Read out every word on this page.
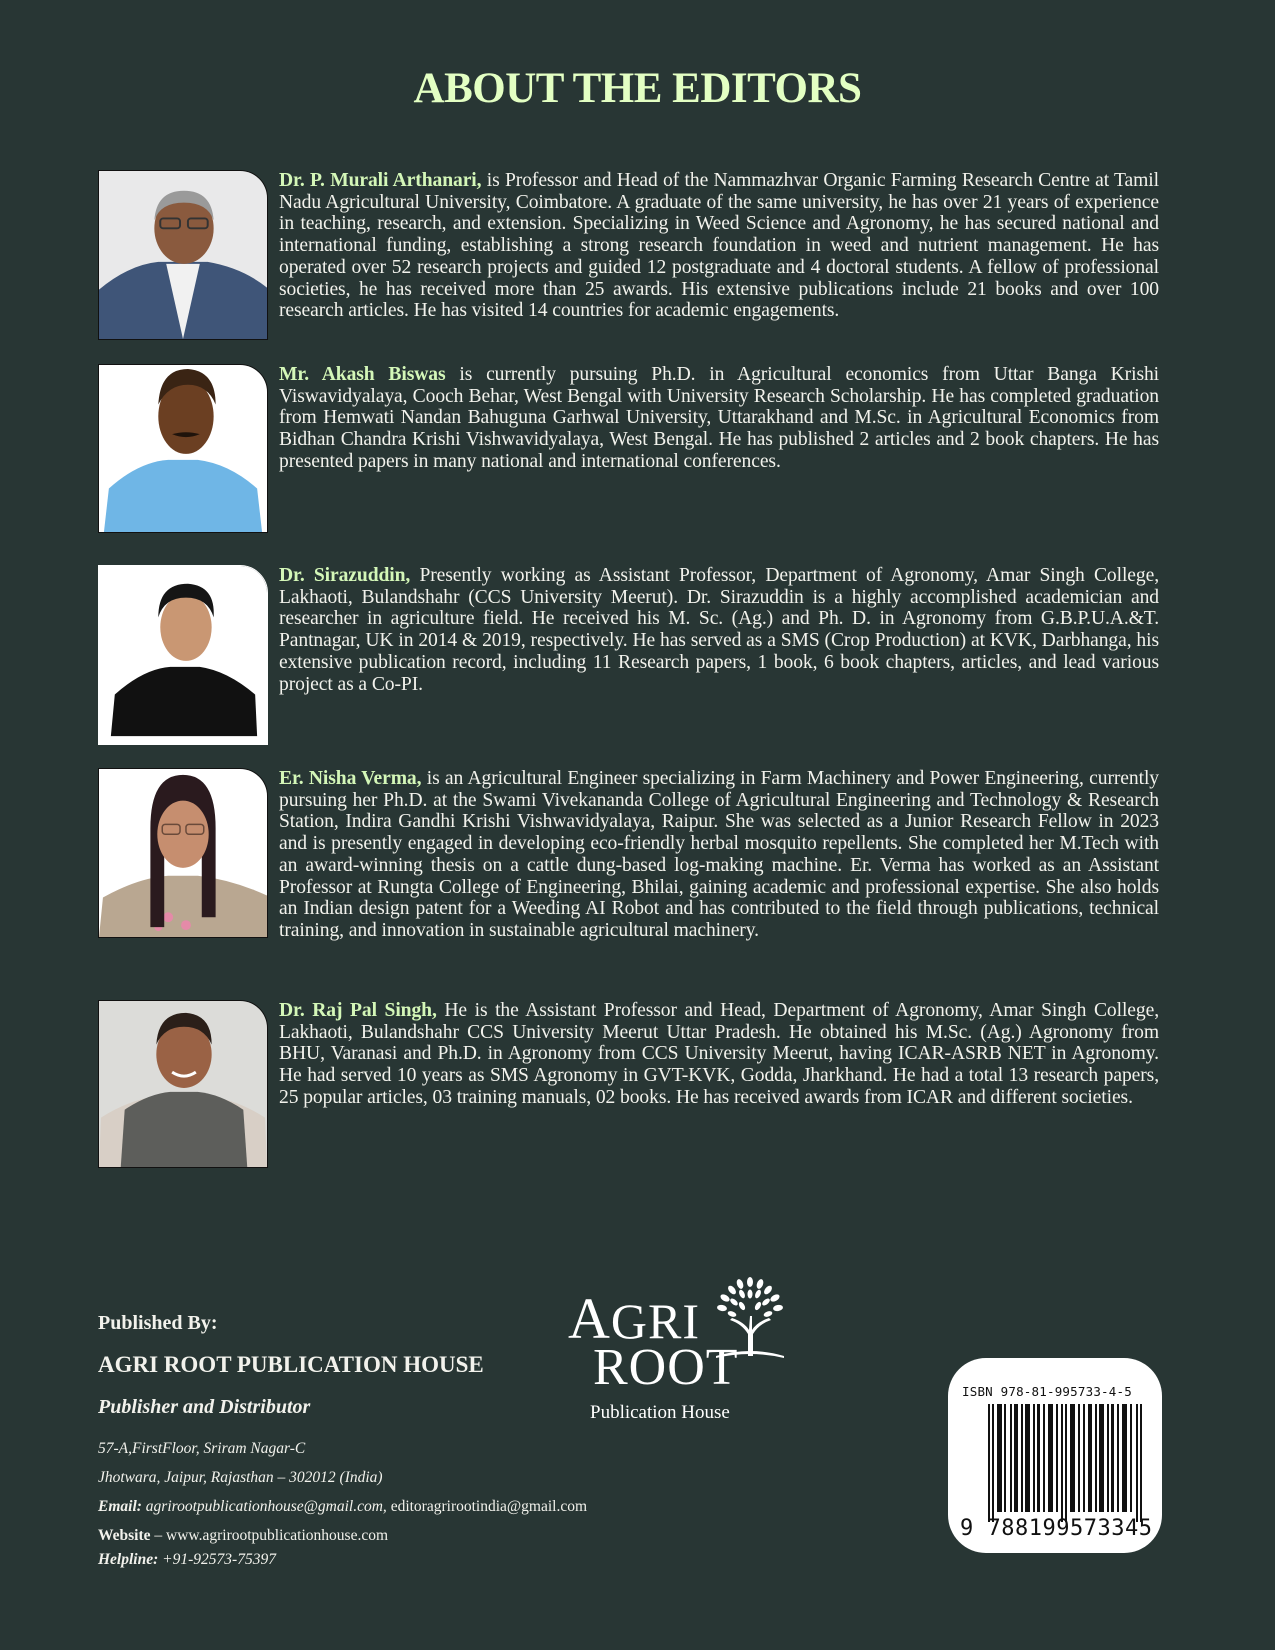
ABOUT THE EDITORS

Dr. P. Murali Arthanari, is Professor and Head of the Nammazhvar Organic Farming Research Centre at Tamil Nadu Agricultural University, Coimbatore. A graduate of the same university, he has over 21 years of experience in teaching, research, and extension. Specializing in Weed Science and Agronomy, he has secured national and international funding, establishing a strong research foundation in weed and nutrient management. He has operated over 52 research projects and guided 12 postgraduate and 4 doctoral students. A fellow of professional societies, he has received more than 25 awards. His extensive publications include 21 books and over 100 research articles. He has visited 14 countries for academic engagements.

Mr. Akash Biswas is currently pursuing Ph.D. in Agricultural economics from Uttar Banga Krishi Viswavidyalaya, Cooch Behar, West Bengal with University Research Scholarship. He has completed graduation from Hemwati Nandan Bahuguna Garhwal University, Uttarakhand and M.Sc. in Agricultural Economics from Bidhan Chandra Krishi Vishwavidyalaya, West Bengal. He has published 2 articles and 2 book chapters. He has presented papers in many national and international conferences.

Dr. Sirazuddin, Presently working as Assistant Professor, Department of Agronomy, Amar Singh College, Lakhaoti, Bulandshahr (CCS University Meerut). Dr. Sirazuddin is a highly accomplished academician and researcher in agriculture field. He received his M. Sc. (Ag.) and Ph. D. in Agronomy from G.B.P.U.A.&T. Pantnagar, UK in 2014 & 2019, respectively. He has served as a SMS (Crop Production) at KVK, Darbhanga, his extensive publication record, including 11 Research papers, 1 book, 6 book chapters, articles, and lead various project as a Co-PI.

Er. Nisha Verma, is an Agricultural Engineer specializing in Farm Machinery and Power Engineering, currently pursuing her Ph.D. at the Swami Vivekananda College of Agricultural Engineering and Technology & Research Station, Indira Gandhi Krishi Vishwavidyalaya, Raipur. She was selected as a Junior Research Fellow in 2023 and is presently engaged in developing eco-friendly herbal mosquito repellents. She completed her M.Tech with an award-winning thesis on a cattle dung-based log-making machine. Er. Verma has worked as an Assistant Professor at Rungta College of Engineering, Bhilai, gaining academic and professional expertise. She also holds an Indian design patent for a Weeding AI Robot and has contributed to the field through publications, technical training, and innovation in sustainable agricultural machinery.

Dr. Raj Pal Singh, He is the Assistant Professor and Head, Department of Agronomy, Amar Singh College, Lakhaoti, Bulandshahr CCS University Meerut Uttar Pradesh. He obtained his M.Sc. (Ag.) Agronomy from BHU, Varanasi and Ph.D. in Agronomy from CCS University Meerut, having ICAR-ASRB NET in Agronomy. He had served 10 years as SMS Agronomy in GVT-KVK, Godda, Jharkhand. He had a total 13 research papers, 25 popular articles, 03 training manuals, 02 books. He has received awards from ICAR and different societies.

Published By:
AGRI ROOT PUBLICATION HOUSE
Publisher and Distributor
57-A,FirstFloor, Sriram Nagar-C
Jhotwara, Jaipur, Rajasthan – 302012 (India)
Email: agrirootpublicationhouse@gmail.com, editoragrirootindia@gmail.com
Website – www.agrirootpublicationhouse.com
Helpline: +91-92573-75397
AGRI
ROOT
Publication House
ISBN 978-81-995733-4-5
9 788199573345
